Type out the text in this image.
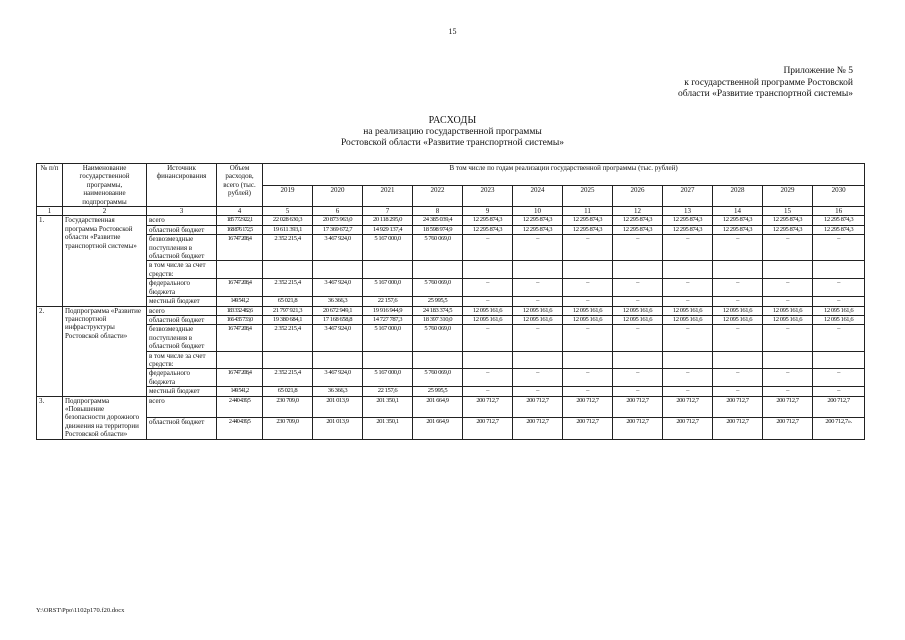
15
Приложение № 5
к государственной программе Ростовской
области «Развитие транспортной системы»
РАСХОДЫ
на реализацию государственной программы
Ростовской области «Развитие транспортной системы»
№ п/п	Наименование государственной программы, наименование подпрограммы	Источник финансирования	Объем расходов, всего (тыс. рублей)	В том числе по годам реализации государственной программы (тыс. рублей)											
				2019	2020	2021	2022	2023	2024	2025	2026	2027	2028	2029	2030
1	2	3	4	5	6	7	8	9	10	11	12	13	14	15	16
1.	Государственная программа Ростовской области «Развитие транспортной системы»	всего	185 772 922,1	22 028 630,3	20 873 963,0	20 118 295,0	24 385 039,4	12 295 874,3	12 295 874,3	12 295 874,3	12 295 874,3	12 295 874,3	12 295 874,3	12 295 874,3	12 295 874,3
		областной бюджет	168 876 172,5	19 611 393,1	17 369 672,7	14 929 137,4	18 598 974,9	12 295 874,3	12 295 874,3	12 295 874,3	12 295 874,3	12 295 874,3	12 295 874,3	12 295 874,3	12 295 874,3
		безвозмездные поступления в областной бюджет	16 747 208,4	2 352 215,4	3 467 924,0	5 167 000,0	5 760 069,0	–	–	–	–	–	–	–	–
		в том числе за счет средств:													
		федерального бюджета	16 747 208,4	2 352 215,4	3 467 924,0	5 167 000,0	5 760 069,0	–	–	–	–	–	–	–	–
		местный бюджет	149 541,2	65 021,8	36 366,3	22 157,6	25 995,5	–	–	–	–	–	–	–	–
2.	Подпрограмма «Развитие транспортной инфраструктуры Ростовской области»	всего	183 332 482,6	21 797 921,3	20 672 949,1	19 916 944,9	24 183 374,5	12 095 161,6	12 095 161,6	12 095 161,6	12 095 161,6	12 095 161,6	12 095 161,6	12 095 161,6	12 095 161,6
		областной бюджет	166 435 733,0	19 380 684,1	17 168 658,8	14 727 787,3	18 397 310,0	12 095 161,6	12 095 161,6	12 095 161,6	12 095 161,6	12 095 161,6	12 095 161,6	12 095 161,6	12 095 161,6
		безвозмездные поступления в областной бюджет	16 747 208,4	2 352 215,4	3 467 924,0	5 167 000,0	5 760 069,0	–	–	–	–	–	–	–	–
		в том числе за счет средств:													
		федерального бюджета	16 747 208,4	2 352 215,4	3 467 924,0	5 167 000,0	5 760 069,0	–	–	–	–	–	–	–	–
		местный бюджет	149 541,2	65 021,8	36 366,3	22 157,6	25 995,5	–	–	–	–	–	–	–	–
3.	Подпрограмма «Повышение безопасности дорожного движения на территории Ростовской области»	всего	2 440 439,5	230 709,0	201 013,9	201 350,1	201 664,9	200 712,7	200 712,7	200 712,7	200 712,7	200 712,7	200 712,7	200 712,7	200 712,7
		областной бюджет	2 440 439,5	230 709,0	201 013,9	201 350,1	201 664,9	200 712,7	200 712,7	200 712,7	200 712,7	200 712,7	200 712,7	200 712,7	200 712,7».
Y:\ORST\Ppo\1102p170.f20.docx
